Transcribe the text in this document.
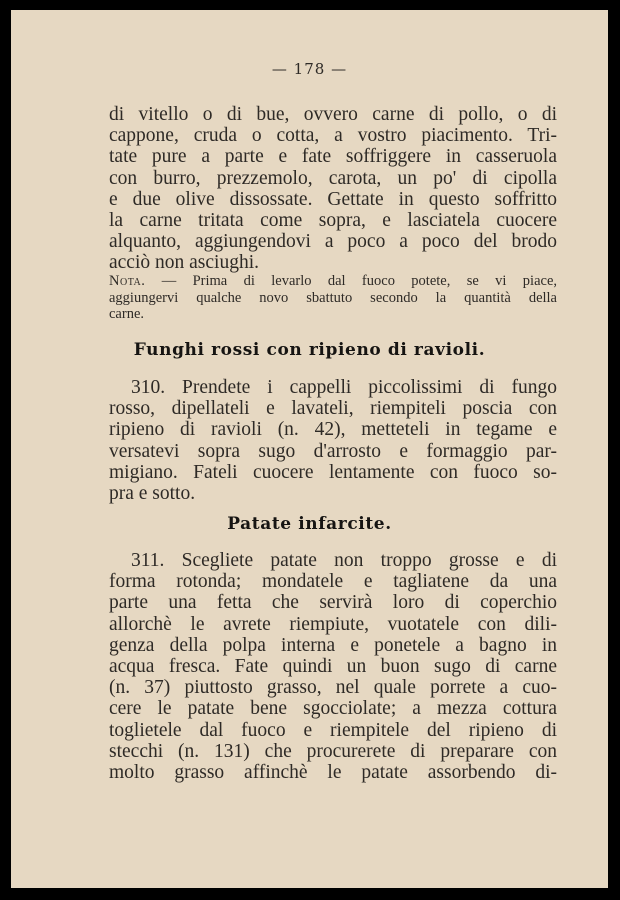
— 178 —
di vitello o di bue, ovvero carne di pollo, o di
cappone, cruda o cotta, a vostro piacimento. Tri-
tate pure a parte e fate soffriggere in casseruola
con burro, prezzemolo, carota, un po' di cipolla
e due olive dissossate. Gettate in questo soffritto
la carne tritata come sopra, e lasciatela cuocere
alquanto, aggiungendovi a poco a poco del brodo
acciò non asciughi.
Nota. — Prima di levarlo dal fuoco potete, se vi piace,
aggiungervi qualche novo sbattuto secondo la quantità della
carne.
Funghi rossi con ripieno di ravioli.
310. Prendete i cappelli piccolissimi di fungo
rosso, dipellateli e lavateli, riempiteli poscia con
ripieno di ravioli (n. 42), metteteli in tegame e
versatevi sopra sugo d'arrosto e formaggio par-
migiano. Fateli cuocere lentamente con fuoco so-
pra e sotto.
Patate infarcite.
311. Scegliete patate non troppo grosse e di
forma rotonda; mondatele e tagliatene da una
parte una fetta che servirà loro di coperchio
allorchè le avrete riempiute, vuotatele con dili-
genza della polpa interna e ponetele a bagno in
acqua fresca. Fate quindi un buon sugo di carne
(n. 37) piuttosto grasso, nel quale porrete a cuo-
cere le patate bene sgocciolate; a mezza cottura
toglietele dal fuoco e riempitele del ripieno di
stecchi (n. 131) che procurerete di preparare con
molto grasso affinchè le patate assorbendo di-
